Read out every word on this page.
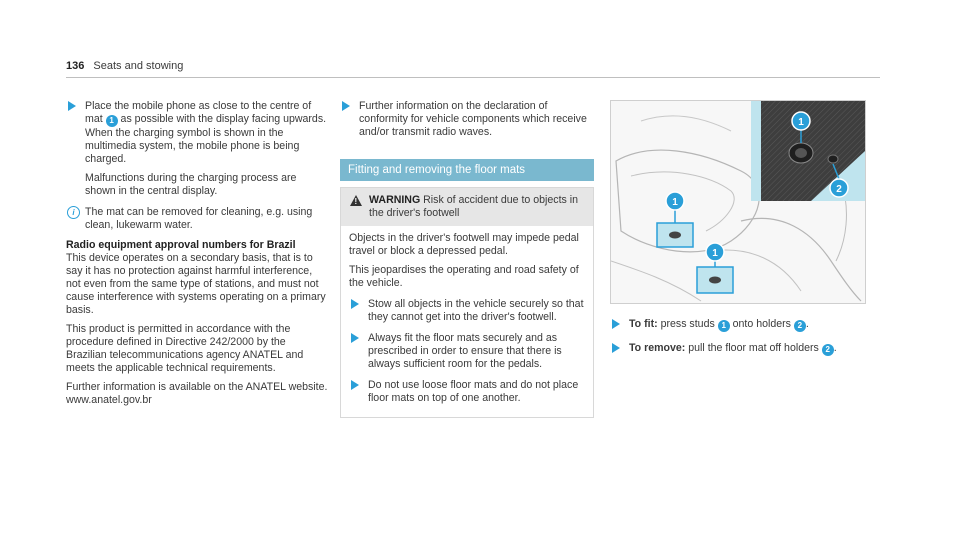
136 Seats and stowing

Place the mobile phone as close to the centre of mat 1 as possible with the display facing upwards.
When the charging symbol is shown in the multimedia system, the mobile phone is being charged.

Malfunctions during the charging process are shown in the central display.

i The mat can be removed for cleaning, e.g. using clean, lukewarm water.
Radio equipment approval numbers for Brazil

This device operates on a secondary basis, that is to say it has no protection against harmful interference, not even from the same type of stations, and must not cause interference with systems operating on a primary basis.

This product is permitted in accordance with the procedure defined in Directive 242/2000 by the Brazilian telecommunications agency ANATEL and meets the applicable technical requirements.

Further information is available on the ANATEL website. www.anatel.gov.br

Further information on the declaration of conformity for vehicle components which receive and/or transmit radio waves.

Fitting and removing the floor mats
! WARNING Risk of accident due to objects in the driver's footwell

Objects in the driver's footwell may impede pedal travel or block a depressed pedal.

This jeopardises the operating and road safety of the vehicle.

Stow all objects in the vehicle securely so that they cannot get into the driver's footwell.

Always fit the floor mats securely and as prescribed in order to ensure that there is always sufficient room for the pedals.

Do not use loose floor mats and do not place floor mats on top of one another.

1
2
1
1
To fit: press studs 1 onto holders 2 .
To remove: pull the floor mat off holders 2 .
